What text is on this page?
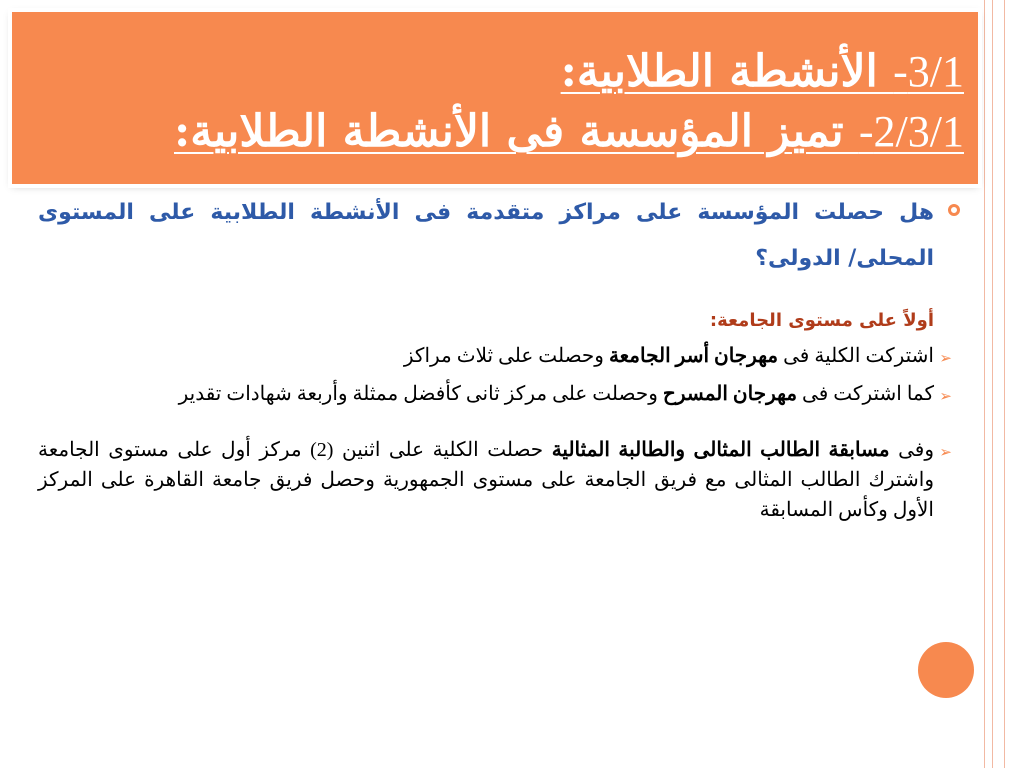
3/1- الأنشطة الطلابية:
2/3/1- تميز المؤسسة فى الأنشطة الطلابية:
هل حصلت المؤسسة على مراكز متقدمة فى الأنشطة الطلابية على المستوى المحلى/ الدولى؟
أولاً على مستوى الجامعة:
➢
اشتركت الكلية فى مهرجان أسر الجامعة وحصلت على ثلاث مراكز
➢
كما اشتركت فى مهرجان المسرح وحصلت على مركز ثانى كأفضل ممثلة وأربعة شهادات تقدير
➢
وفى مسابقة الطالب المثالى والطالبة المثالية حصلت الكلية على اثنين (2) مركز أول على مستوى الجامعة واشترك الطالب المثالى مع فريق الجامعة على مستوى الجمهورية وحصل فريق جامعة القاهرة على المركز الأول وكأس المسابقة
